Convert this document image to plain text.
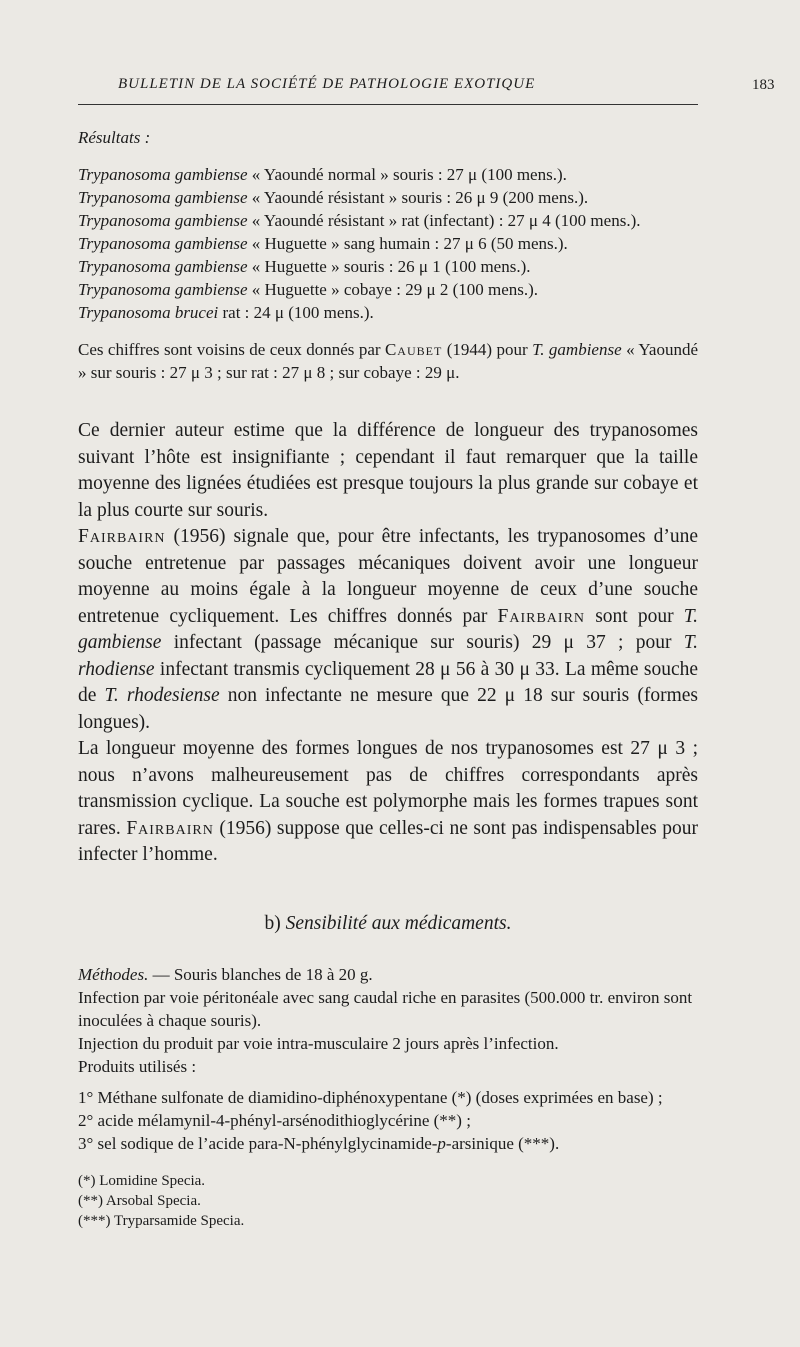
BULLETIN DE LA SOCIÉTÉ DE PATHOLOGIE EXOTIQUE	183

Résultats :

Trypanosoma gambiense « Yaoundé normal » souris : 27 μ (100 mens.).

Trypanosoma gambiense « Yaoundé résistant » souris : 26 μ 9 (200 mens.).

Trypanosoma gambiense « Yaoundé résistant » rat (infectant) : 27 μ 4 (100 mens.).

Trypanosoma gambiense « Huguette » sang humain : 27 μ 6 (50 mens.).

Trypanosoma gambiense « Huguette » souris : 26 μ 1 (100 mens.).

Trypanosoma gambiense « Huguette » cobaye : 29 μ 2 (100 mens.).

Trypanosoma brucei rat : 24 μ (100 mens.).

Ces chiffres sont voisins de ceux donnés par Caubet (1944) pour T. gambiense « Yaoundé » sur souris : 27 μ 3 ; sur rat : 27 μ 8 ; sur cobaye : 29 μ.

Ce dernier auteur estime que la différence de longueur des trypanosomes suivant l’hôte est insignifiante ; cependant il faut remarquer que la taille moyenne des lignées étudiées est presque toujours la plus grande sur cobaye et la plus courte sur souris.

Fairbairn (1956) signale que, pour être infectants, les trypanosomes d’une souche entretenue par passages mécaniques doivent avoir une longueur moyenne au moins égale à la longueur moyenne de ceux d’une souche entretenue cycliquement. Les chiffres donnés par Fairbairn sont pour T. gambiense infectant (passage mécanique sur souris) 29 μ 37 ; pour T. rhodiense infectant transmis cycliquement 28 μ 56 à 30 μ 33. La même souche de T. rhodesiense non infectante ne mesure que 22 μ 18 sur souris (formes longues).

La longueur moyenne des formes longues de nos trypanosomes est 27 μ 3 ; nous n’avons malheureusement pas de chiffres correspondants après transmission cyclique. La souche est polymorphe mais les formes trapues sont rares. Fairbairn (1956) suppose que celles-ci ne sont pas indispensables pour infecter l’homme.

b) Sensibilité aux médicaments.

Méthodes. — Souris blanches de 18 à 20 g.

Infection par voie péritonéale avec sang caudal riche en parasites (500.000 tr. environ sont inoculées à chaque souris).

Injection du produit par voie intra-musculaire 2 jours après l’infection.

Produits utilisés :

1° Méthane sulfonate de diamidino-diphénoxypentane (*) (doses exprimées en base) ;

2° acide mélamynil-4-phényl-arsénodithioglycérine (**) ;

3° sel sodique de l’acide para-N-phénylglycinamide-p-arsinique (***).

(*) Lomidine Specia.

(**) Arsobal Specia.

(***) Tryparsamide Specia.
